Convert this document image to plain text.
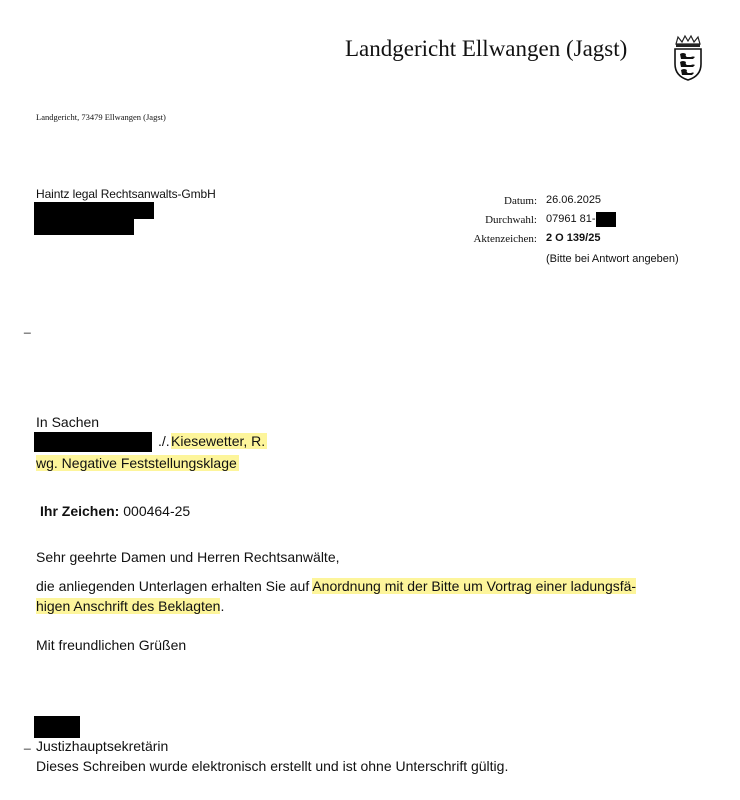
Landgericht Ellwangen (Jagst)
Landgericht, 73479 Ellwangen (Jagst)
Haintz legal Rechtsanwalts-GmbH	Datum: 26.06.2025
Durchwahl: 07961 81-
Aktenzeichen: 2 O 139/25
(Bitte bei Antwort angeben)
_
_
In Sachen
./. Kiesewetter, R.
wg. Negative Feststellungsklage
Ihr Zeichen: 000464-25
Sehr geehrte Damen und Herren Rechtsanwälte,
die anliegenden Unterlagen erhalten Sie auf Anordnung mit der Bitte um Vortrag einer ladungsfä-
higen Anschrift des Beklagten.
Mit freundlichen Grüßen
Justizhauptsekretärin
Dieses Schreiben wurde elektronisch erstellt und ist ohne Unterschrift gültig.
